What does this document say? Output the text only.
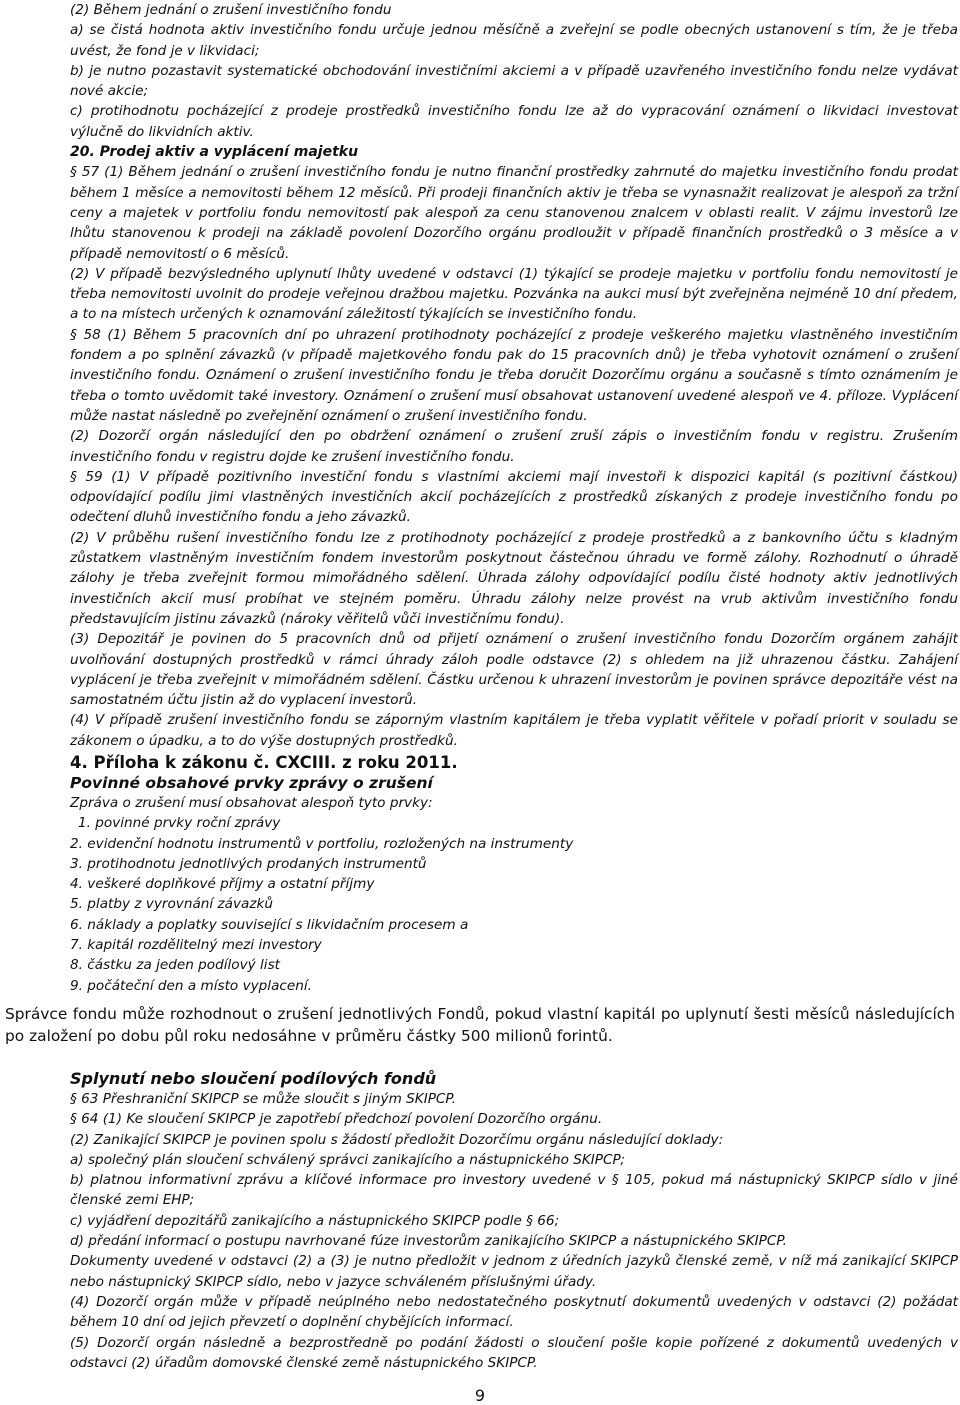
(2) Během jednání o zrušení investičního fondu

a) se čistá hodnota aktiv investičního fondu určuje jednou měsíčně a zveřejní se podle obecných ustanovení s tím, že je třeba uvést, že fond je v likvidaci;

b) je nutno pozastavit systematické obchodování investičními akciemi a v případě uzavřeného investičního fondu nelze vydávat nové akcie;

c) protihodnotu pocházející z prodeje prostředků investičního fondu lze až do vypracování oznámení o likvidaci investovat výlučně do likvidních aktiv.

20. Prodej aktiv a vyplácení majetku

§ 57 (1) Během jednání o zrušení investičního fondu je nutno finanční prostředky zahrnuté do majetku investičního fondu prodat během 1 měsíce a nemovitosti během 12 měsíců. Při prodeji finančních aktiv je třeba se vynasnažit realizovat je alespoň za tržní ceny a majetek v portfoliu fondu nemovitostí pak alespoň za cenu stanovenou znalcem v oblasti realit. V zájmu investorů lze lhůtu stanovenou k prodeji na základě povolení Dozorčího orgánu prodloužit v případě finančních prostředků o 3 měsíce a v případě nemovitostí o 6 měsíců.

(2) V případě bezvýsledného uplynutí lhůty uvedené v odstavci (1) týkající se prodeje majetku v portfoliu fondu nemovitostí je třeba nemovitosti uvolnit do prodeje veřejnou dražbou majetku. Pozvánka na aukci musí být zveřejněna nejméně 10 dní předem, a to na místech určených k oznamování záležitostí týkajících se investičního fondu.

§ 58 (1) Během 5 pracovních dní po uhrazení protihodnoty pocházející z prodeje veškerého majetku vlastněného investičním fondem a po splnění závazků (v případě majetkového fondu pak do 15 pracovních dnů) je třeba vyhotovit oznámení o zrušení investičního fondu. Oznámení o zrušení investičního fondu je třeba doručit Dozorčímu orgánu a současně s tímto oznámením je třeba o tomto uvědomit také investory. Oznámení o zrušení musí obsahovat ustanovení uvedené alespoň ve 4. příloze. Vyplácení může nastat následně po zveřejnění oznámení o zrušení investičního fondu.

(2) Dozorčí orgán následující den po obdržení oznámení o zrušení zruší zápis o investičním fondu v registru. Zrušením investičního fondu v registru dojde ke zrušení investičního fondu.

§ 59 (1) V případě pozitivního investiční fondu s vlastními akciemi mají investoři k dispozici kapitál (s pozitivní částkou) odpovídající podílu jimi vlastněných investičních akcií pocházejících z prostředků získaných z prodeje investičního fondu po odečtení dluhů investičního fondu a jeho závazků.

(2) V průběhu rušení investičního fondu lze z protihodnoty pocházející z prodeje prostředků a z bankovního účtu s kladným zůstatkem vlastněným investičním fondem investorům poskytnout částečnou úhradu ve formě zálohy. Rozhodnutí o úhradě zálohy je třeba zveřejnit formou mimořádného sdělení. Úhrada zálohy odpovídající podílu čisté hodnoty aktiv jednotlivých investičních akcií musí probíhat ve stejném poměru. Úhradu zálohy nelze provést na vrub aktivům investičního fondu představujícím jistinu závazků (nároky věřitelů vůči investičnímu fondu).

(3) Depozitář je povinen do 5 pracovních dnů od přijetí oznámení o zrušení investičního fondu Dozorčím orgánem zahájit uvolňování dostupných prostředků v rámci úhrady záloh podle odstavce (2) s ohledem na již uhrazenou částku. Zahájení vyplácení je třeba zveřejnit v mimořádném sdělení. Částku určenou k uhrazení investorům je povinen správce depozitáře vést na samostatném účtu jistin až do vyplacení investorů.

(4) V případě zrušení investičního fondu se záporným vlastním kapitálem je třeba vyplatit věřitele v pořadí priorit v souladu se zákonem o úpadku, a to do výše dostupných prostředků.

4. Příloha k zákonu č. CXCIII. z roku 2011.

Povinné obsahové prvky zprávy o zrušení

Zpráva o zrušení musí obsahovat alespoň tyto prvky:

1. povinné prvky roční zprávy

2. evidenční hodnotu instrumentů v portfoliu, rozložených na instrumenty

3. protihodnotu jednotlivých prodaných instrumentů

4. veškeré doplňkové příjmy a ostatní příjmy

5. platby z vyrovnání závazků

6. náklady a poplatky související s likvidačním procesem a

7. kapitál rozdělitelný mezi investory

8. částku za jeden podílový list

9. počáteční den a místo vyplacení.

Správce fondu může rozhodnout o zrušení jednotlivých Fondů, pokud vlastní kapitál po uplynutí šesti měsíců následujících po založení po dobu půl roku nedosáhne v průměru částky 500 milionů forintů.

Splynutí nebo sloučení podílových fondů

§ 63 Přeshraniční SKIPCP se může sloučit s jiným SKIPCP.

§ 64 (1) Ke sloučení SKIPCP je zapotřebí předchozí povolení Dozorčího orgánu.

(2) Zanikající SKIPCP je povinen spolu s žádostí předložit Dozorčímu orgánu následující doklady:

a) společný plán sloučení schválený správci zanikajícího a nástupnického SKIPCP;

b) platnou informativní zprávu a klíčové informace pro investory uvedené v § 105, pokud má nástupnický SKIPCP sídlo v jiné členské zemi EHP;

c) vyjádření depozitářů zanikajícího a nástupnického SKIPCP podle § 66;

d) předání informací o postupu navrhované fúze investorům zanikajícího SKIPCP a nástupnického SKIPCP.

Dokumenty uvedené v odstavci (2) a (3) je nutno předložit v jednom z úředních jazyků členské země, v níž má zanikající SKIPCP nebo nástupnický SKIPCP sídlo, nebo v jazyce schváleném příslušnými úřady.

(4) Dozorčí orgán může v případě neúplného nebo nedostatečného poskytnutí dokumentů uvedených v odstavci (2) požádat během 10 dní od jejich převzetí o doplnění chybějících informací.

(5) Dozorčí orgán následně a bezprostředně po podání žádosti o sloučení pošle kopie pořízené z dokumentů uvedených v odstavci (2) úřadům domovské členské země nástupnického SKIPCP.

9
